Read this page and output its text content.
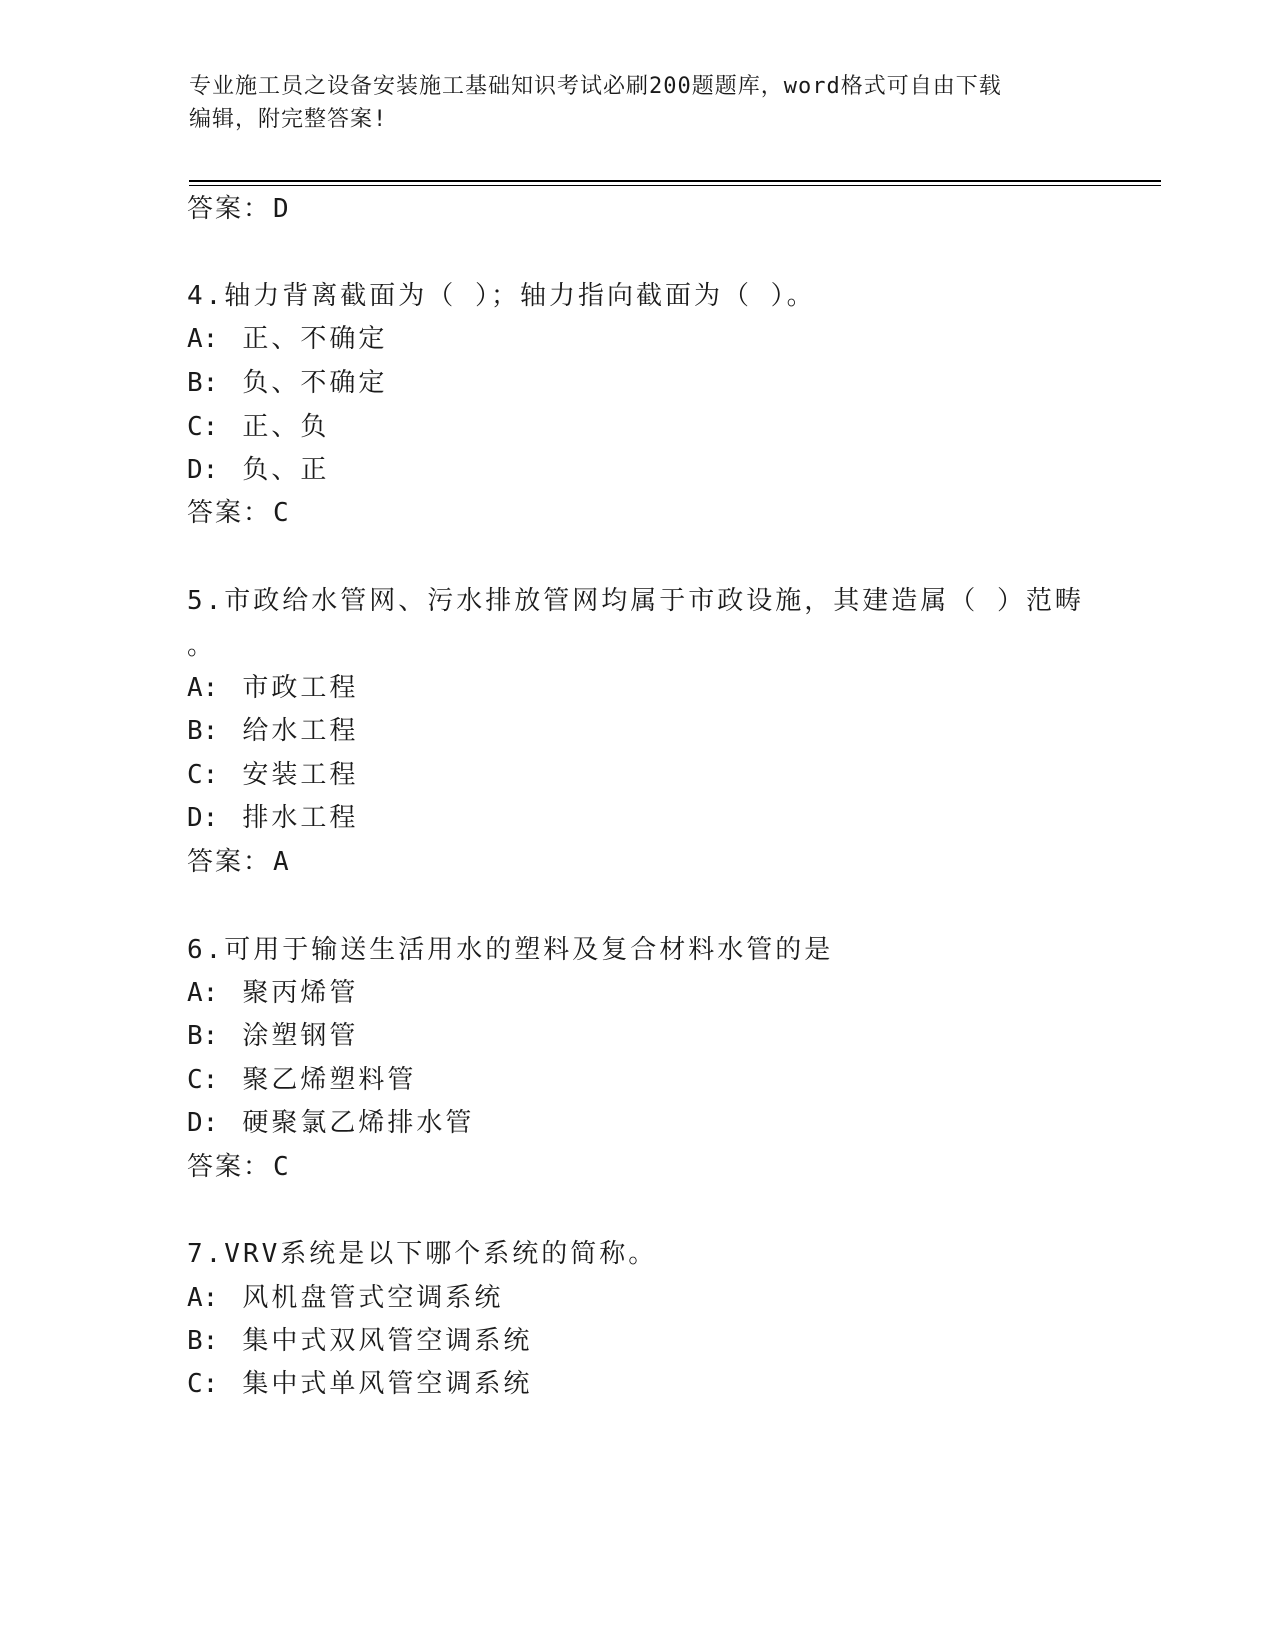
专业施工员之设备安装施工基础知识考试必刷200题题库，word格式可自由下载
编辑，附完整答案!
答案：D
4.轴力背离截面为（ ）；轴力指向截面为（ ）。
A: 正、不确定
B: 负、不确定
C: 正、负
D: 负、正
答案：C
5.市政给水管网、污水排放管网均属于市政设施，其建造属（ ）范畴
。
A: 市政工程
B: 给水工程
C: 安装工程
D: 排水工程
答案：A
6.可用于输送生活用水的塑料及复合材料水管的是
A: 聚丙烯管
B: 涂塑钢管
C: 聚乙烯塑料管
D: 硬聚氯乙烯排水管
答案：C
7.VRV系统是以下哪个系统的简称。
A: 风机盘管式空调系统
B: 集中式双风管空调系统
C: 集中式单风管空调系统
